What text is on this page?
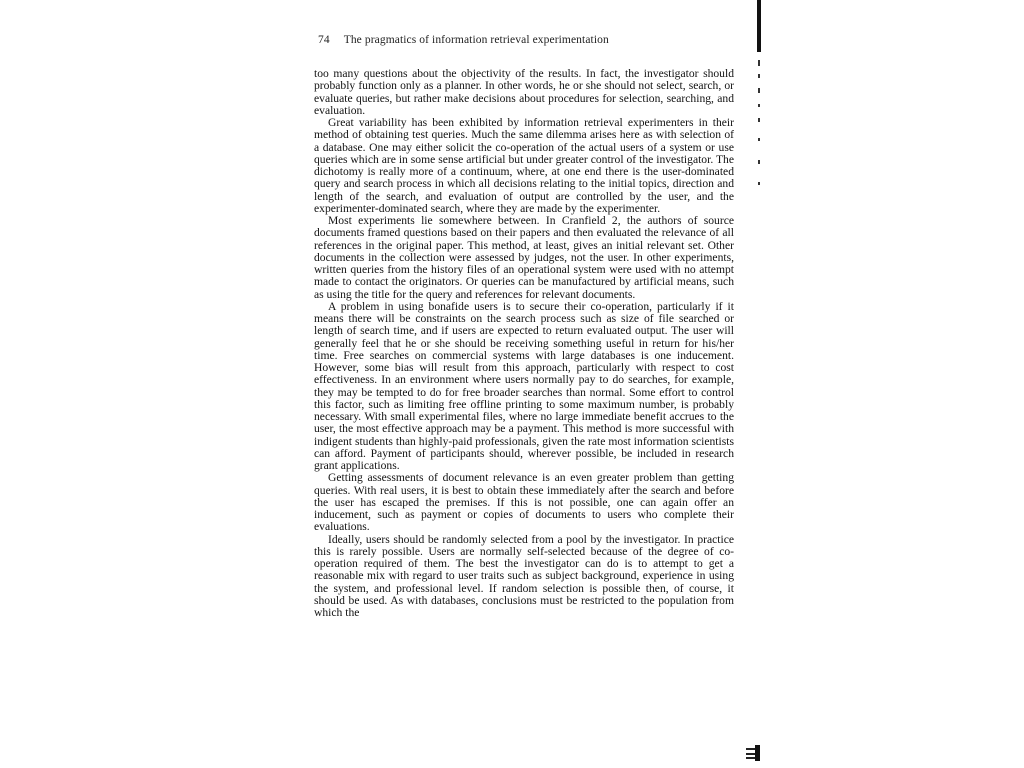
74 The pragmatics of information retrieval experimentation

too many questions about the objectivity of the results. In fact, the investigator should probably function only as a planner. In other words, he or she should not select, search, or evaluate queries, but rather make decisions about procedures for selection, searching, and evaluation.

Great variability has been exhibited by information retrieval experimenters in their method of obtaining test queries. Much the same dilemma arises here as with selection of a database. One may either solicit the co-operation of the actual users of a system or use queries which are in some sense artificial but under greater control of the investigator. The dichotomy is really more of a continuum, where, at one end there is the user-dominated query and search process in which all decisions relating to the initial topics, direction and length of the search, and evaluation of output are controlled by the user, and the experimenter-dominated search, where they are made by the experimenter.

Most experiments lie somewhere between. In Cranfield 2, the authors of source documents framed questions based on their papers and then evaluated the relevance of all references in the original paper. This method, at least, gives an initial relevant set. Other documents in the collection were assessed by judges, not the user. In other experiments, written queries from the history files of an operational system were used with no attempt made to contact the originators. Or queries can be manufactured by artificial means, such as using the title for the query and references for relevant documents.

A problem in using bonafide users is to secure their co-operation, particularly if it means there will be constraints on the search process such as size of file searched or length of search time, and if users are expected to return evaluated output. The user will generally feel that he or she should be receiving something useful in return for his/her time. Free searches on commercial systems with large databases is one inducement. However, some bias will result from this approach, particularly with respect to cost effectiveness. In an environment where users normally pay to do searches, for example, they may be tempted to do for free broader searches than normal. Some effort to control this factor, such as limiting free offline printing to some maximum number, is probably necessary. With small experimental files, where no large immediate benefit accrues to the user, the most effective approach may be a payment. This method is more successful with indigent students than highly-paid professionals, given the rate most information scientists can afford. Payment of participants should, wherever possible, be included in research grant applications.

Getting assessments of document relevance is an even greater problem than getting queries. With real users, it is best to obtain these immediately after the search and before the user has escaped the premises. If this is not possible, one can again offer an inducement, such as payment or copies of documents to users who complete their evaluations.

Ideally, users should be randomly selected from a pool by the investigator. In practice this is rarely possible. Users are normally self-selected because of the degree of co-operation required of them. The best the investigator can do is to attempt to get a reasonable mix with regard to user traits such as subject background, experience in using the system, and professional level. If random selection is possible then, of course, it should be used. As with databases, conclusions must be restricted to the population from which the
